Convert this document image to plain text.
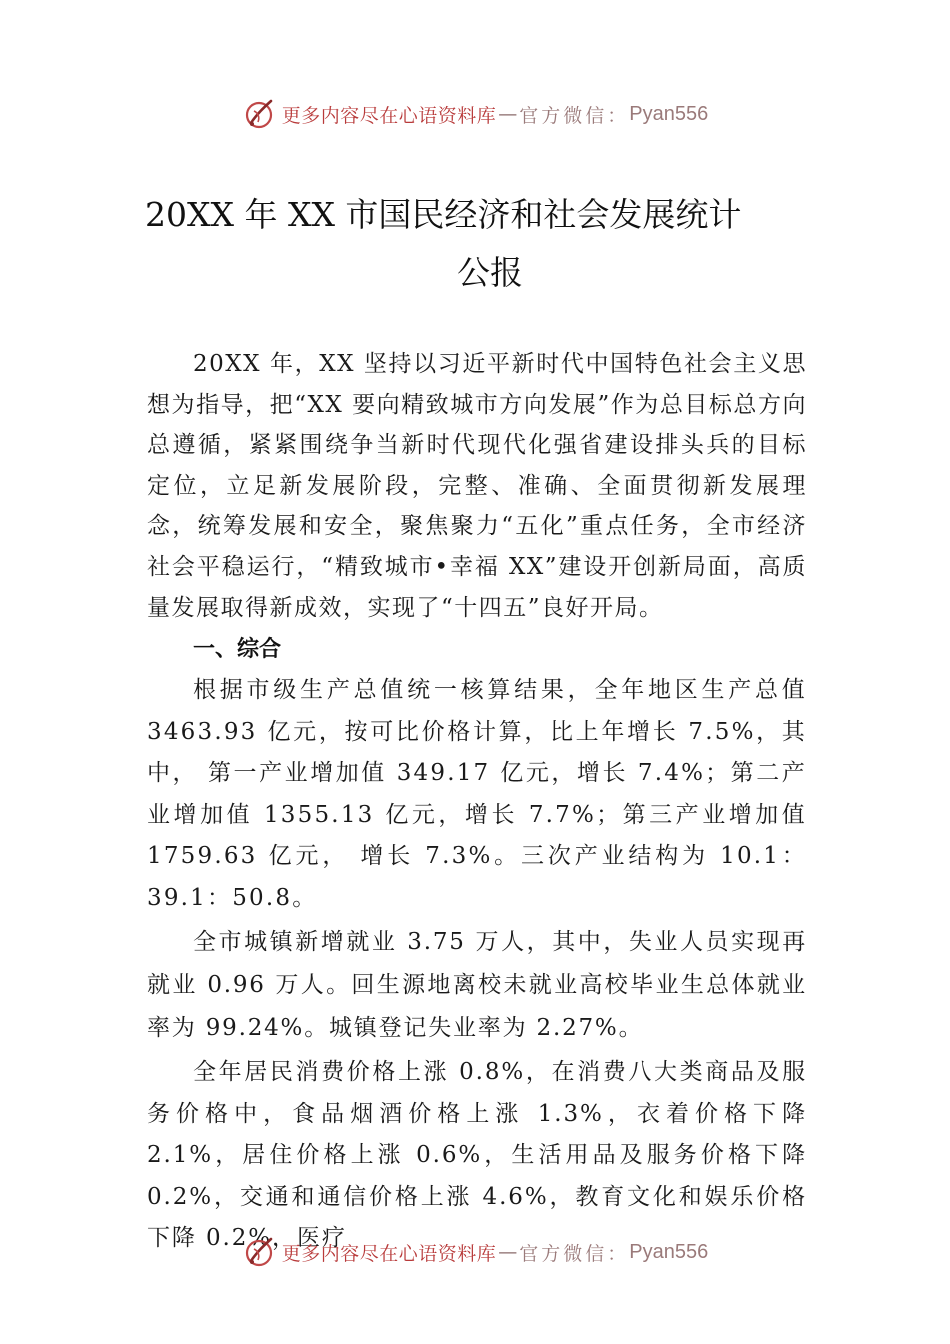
更多内容尽在心语资料库 — 官方微信： Pyan556
20XX 年 XX 市国民经济和社会发展统计
公报

20XX 年，XX 坚持以习近平新时代中国特色社会主义思想为指导，把“XX 要向精致城市方向发展”作为总目标总方向总遵循，紧紧围绕争当新时代现代化强省建设排头兵的目标定位，立足新发展阶段，完整、准确、全面贯彻新发展理 念，统筹发展和安全，聚焦聚力“五化”重点任务，全市经济社会平稳运行，“精致城市•幸福 XX”建设开创新局面，高质量发展取得新成效，实现了“十四五”良好开局。

一、综合

根据市级生产总值统一核算结果，全年地区生产总值 3463.93 亿元，按可比价格计算，比上年增长 7.5%，其中， 第一产业增加值 349.17 亿元，增长 7.4%；第二产业增加值 1355.13 亿元，增长 7.7%；第三产业增加值 1759.63 亿元， 增长 7.3%。三次产业结构为 10.1：39.1：50.8。

全市城镇新增就业 3.75 万人，其中，失业人员实现再就业 0.96 万人。回生源地离校未就业高校毕业生总体就业率为 99.24%。城镇登记失业率为 2.27%。

全年居民消费价格上涨 0.8%，在消费八大类商品及服务价格中，食品烟酒价格上涨 1.3%，衣着价格下降 2.1%，居住价格上涨 0.6%，生活用品及服务价格下降 0.2%，交通和通信价格上涨 4.6%，教育文化和娱乐价格下降 0.2%，医疗

更多内容尽在心语资料库 — 官方微信： Pyan556
